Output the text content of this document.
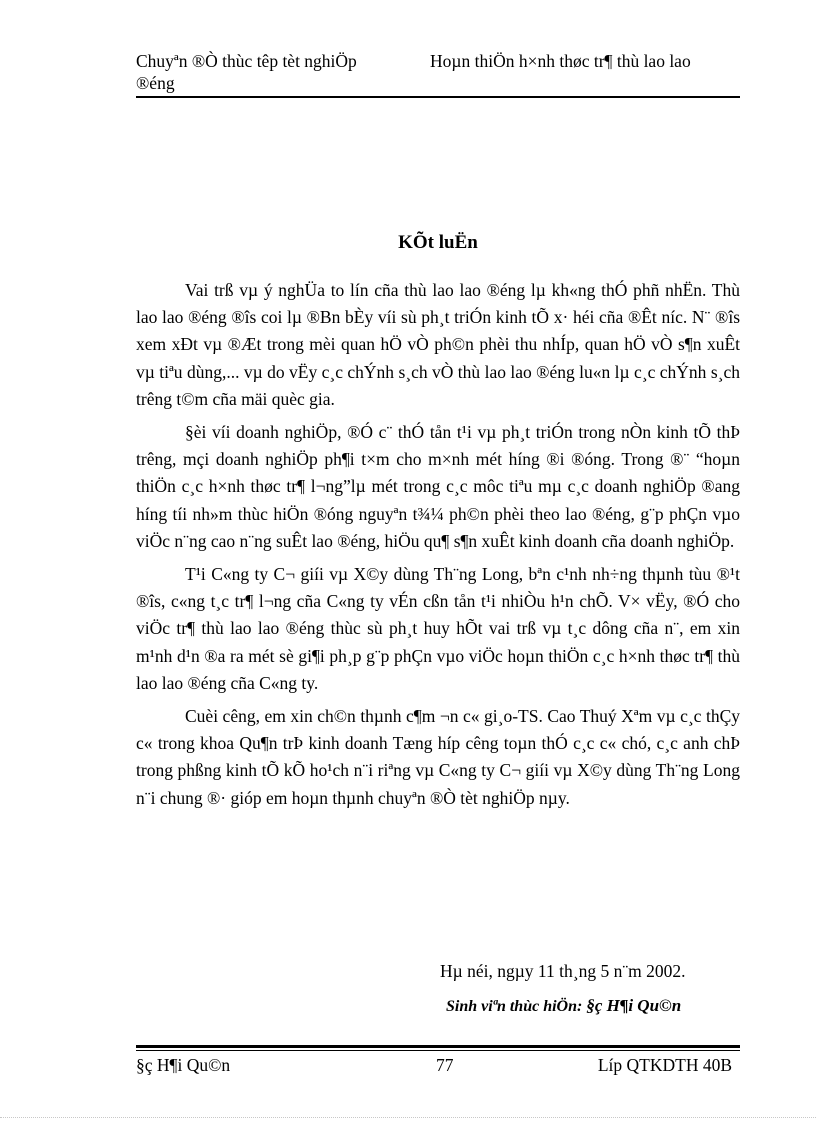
Chuyªn ®Ò thùc têp tèt nghiÖp
®éng
Hoµn thiÖn h×nh thøc tr¶ thù lao lao
KÕt luËn

Vai trß vµ ý nghÜa to lín cña thù lao lao ®éng lµ kh«ng thÓ phñ nhËn. Thù lao lao ®éng ®îs coi lµ ®Bn bÈy víi sù ph¸t triÓn kinh tÕ x· héi cña ®Êt níc. N¨ ®îs xem xÐt vµ ®Æt trong mèi quan hÖ vÒ ph©n phèi thu nhÍp, quan hÖ vÒ s¶n xuÊt vµ tiªu dùng,... vµ do vËy c¸c chÝnh s¸ch vÒ thù lao lao ®éng lu«n lµ c¸c chÝnh s¸ch trêng t©m cña mäi quèc gia.

§èi víi doanh nghiÖp, ®Ó c¨ thÓ tån t¹i vµ ph¸t triÓn trong nÒn kinh tÕ thÞ trêng, mçi doanh nghiÖp ph¶i t×m cho m×nh mét híng ®i ®óng. Trong ®¨ “hoµn thiÖn c¸c h×nh thøc tr¶ l¬ng”lµ mét trong c¸c môc tiªu mµ c¸c doanh nghiÖp ®ang híng tíi nh»m thùc hiÖn ®óng nguyªn t¾¼ ph©n phèi theo lao ®éng, g¨p phÇn vµo viÖc n¨ng cao n¨ng suÊt lao ®éng, hiÖu qu¶ s¶n xuÊt kinh doanh cña doanh nghiÖp.

T¹i C«ng ty C¬ giíi vµ X©y dùng Th¨ng Long, bªn c¹nh nh÷ng thµnh tùu ®¹t ®îs, c«ng t¸c tr¶ l¬ng cña C«ng ty vÉn cßn tån t¹i nhiÒu h¹n chÕ. V× vËy, ®Ó cho viÖc tr¶ thù lao lao ®éng thùc sù ph¸t huy hÕt vai trß vµ t¸c dông cña n¨, em xin m¹nh d¹n ®a ra mét sè gi¶i ph¸p g¨p phÇn vµo viÖc hoµn thiÖn c¸c h×nh thøc tr¶ thù lao lao ®éng cña C«ng ty.

Cuèi cêng, em xin ch©n thµnh c¶m ¬n c« gi¸o-TS. Cao Thuý Xªm vµ c¸c thÇy c« trong khoa Qu¶n trÞ kinh doanh Tæng híp cêng toµn thÓ c¸c c« chó, c¸c anh chÞ trong phßng kinh tÕ kÕ ho¹ch n¨i riªng vµ C«ng ty C¬ giíi vµ X©y dùng Th¨ng Long n¨i chung ®· gióp em hoµn thµnh chuyªn ®Ò tèt nghiÖp nµy.

Hµ néi, ngµy 11 th¸ng 5 n¨m 2002.
Sinh viªn thùc hiÖn: §ç H¶i Qu©n
§ç H¶i Qu©n	77	Líp QTKDTH 40B
